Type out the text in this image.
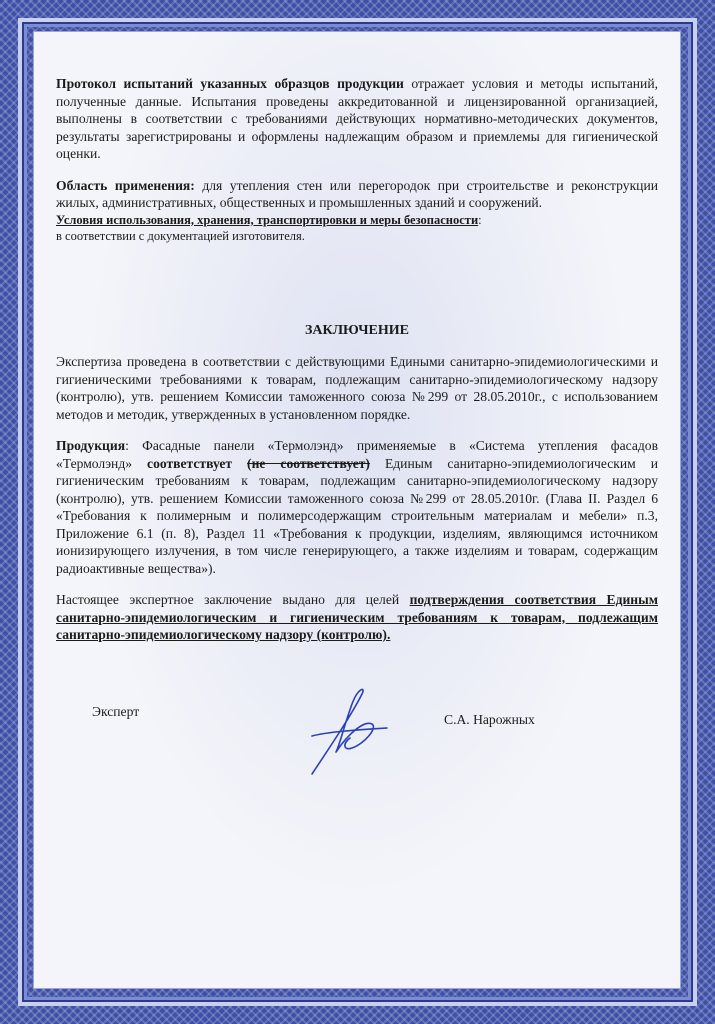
Протокол испытаний указанных образцов продукции отражает условия и методы испытаний, полученные данные. Испытания проведены аккредитованной и лицензированной организацией, выполнены в соответствии с требованиями действующих нормативно-методических документов, результаты зарегистрированы и оформлены надлежащим образом и приемлемы для гигиенической оценки.

Область применения: для утепления стен или перегородок при строительстве и реконструкции жилых, административных, общественных и промышленных зданий и сооружений.

Условия использования, хранения, транспортировки и меры безопасности:
в соответствии с документацией изготовителя.

ЗАКЛЮЧЕНИЕ

Экспертиза проведена в соответствии с действующими Едиными санитарно-эпидемиологическими и гигиеническими требованиями к товарам, подлежащим санитарно-эпидемиологическому надзору (контролю), утв. решением Комиссии таможенного союза №299 от 28.05.2010г., с использованием методов и методик, утвержденных в установленном порядке.

Продукция: Фасадные панели «Термолэнд» применяемые в «Система утепления фасадов «Термолэнд» соответствует (не соответствует) Единым санитарно-эпидемиологическим и гигиеническим требованиям к товарам, подлежащим санитарно-эпидемиологическому надзору (контролю), утв. решением Комиссии таможенного союза №299 от 28.05.2010г. (Глава II. Раздел 6 «Требования к полимерным и полимерсодержащим строительным материалам и мебели» п.3, Приложение 6.1 (п. 8), Раздел 11 «Требования к продукции, изделиям, являющимся источником ионизирующего излучения, в том числе генерирующего, а также изделиям и товарам, содержащим радиоактивные вещества»).

Настоящее экспертное заключение выдано для целей подтверждения соответствия Единым санитарно-эпидемиологическим и гигиеническим требованиям к товарам, подлежащим санитарно-эпидемиологическому надзору (контролю).

Эксперт
С.А. Нарожных
